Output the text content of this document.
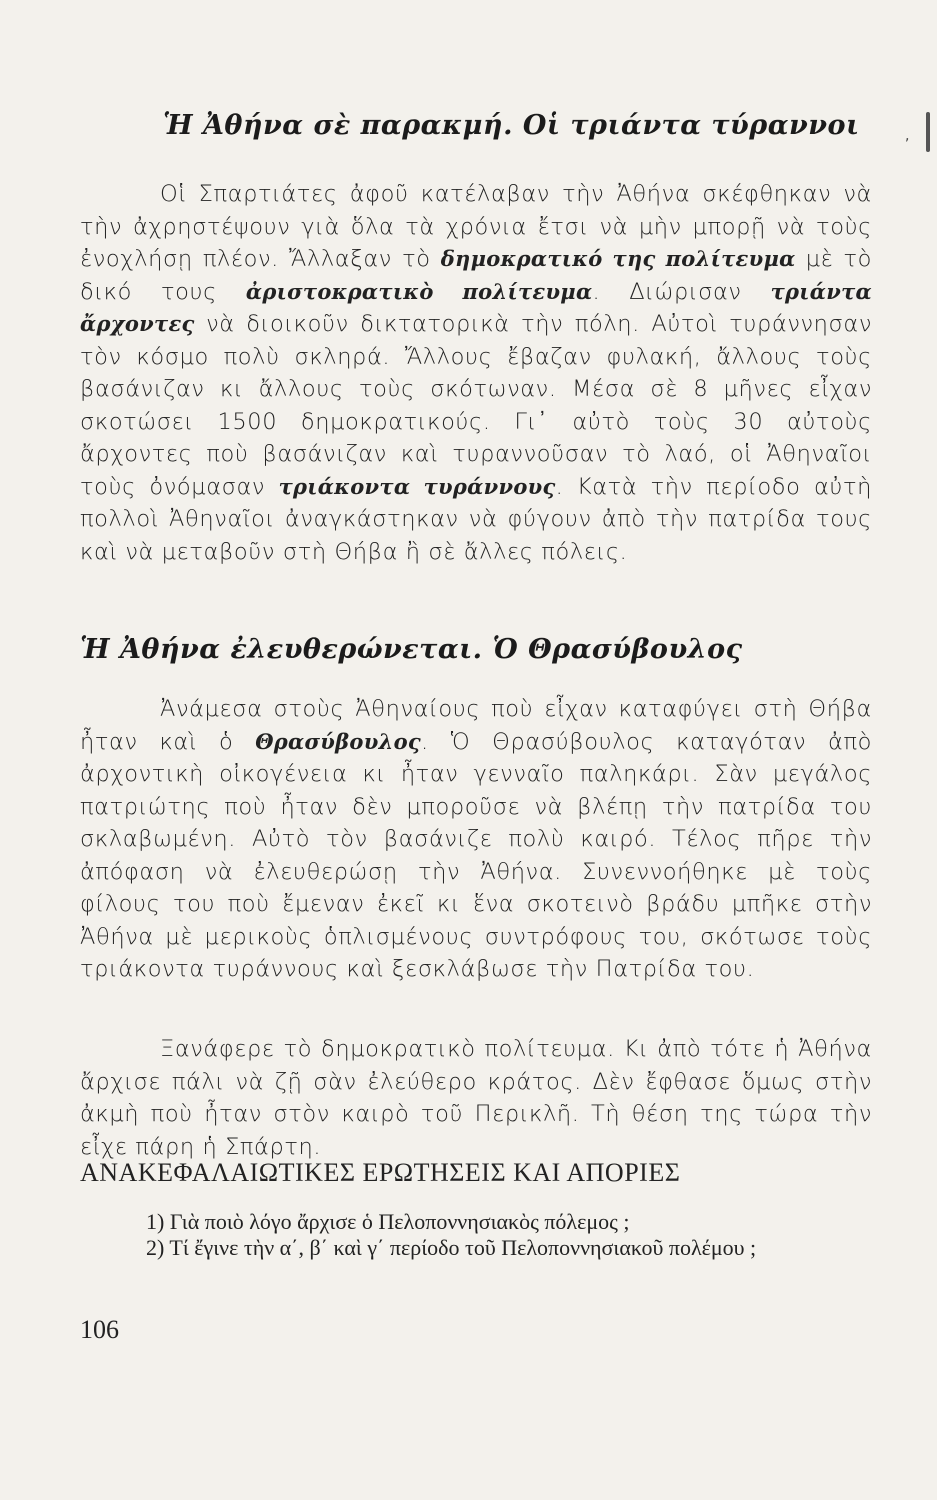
,
Ἡ Ἀθήνα σὲ παρακμή. Οἱ τριάντα τύραννοι
Οἱ Σπαρτιάτες ἀφοῦ κατέλαβαν τὴν Ἀθήνα σκέφθηκαν νὰ τὴν ἀχρηστέψουν γιὰ ὅλα τὰ χρόνια ἔτσι νὰ μὴν μπορῇ νὰ τοὺς ἐνοχλήσῃ πλέον. Ἄλλαξαν τὸ δημοκρατικό της πολίτευμα μὲ τὸ δικό τους ἀριστοκρατικὸ πολίτευμα. Διώρισαν τριάντα ἄρχοντες νὰ διοικοῦν δικτατορικὰ τὴν πόλη. Αὐτοὶ τυράννησαν τὸν κόσμο πολὺ σκληρά. Ἄλλους ἔβαζαν φυλακή, ἄλλους τοὺς βασάνιζαν κι ἄλλους τοὺς σκότωναν. Μέσα σὲ 8 μῆνες εἶχαν σκοτώσει 1500 δημοκρατικούς. Γι᾽ αὐτὸ τοὺς 30 αὐτοὺς ἄρχοντες ποὺ βασάνιζαν καὶ τυραννοῦσαν τὸ λαό, οἱ Ἀθηναῖοι τοὺς ὀνόμασαν τριάκοντα τυράννους. Κατὰ τὴν περίοδο αὐτὴ πολλοὶ Ἀθηναῖοι ἀναγκάστηκαν νὰ φύγουν ἀπὸ τὴν πατρίδα τους καὶ νὰ μεταβοῦν στὴ Θήβα ἢ σὲ ἄλλες πόλεις.
Ἡ Ἀθήνα ἐλευθερώνεται. Ὁ Θρασύβουλος
Ἀνάμεσα στοὺς Ἀθηναίους ποὺ εἶχαν καταφύγει στὴ Θήβα ἦταν καὶ ὁ Θρασύβουλος. Ὁ Θρασύβουλος καταγόταν ἀπὸ ἀρχοντικὴ οἰκογένεια κι ἦταν γενναῖο παληκάρι. Σὰν μεγάλος πατριώτης ποὺ ἦταν δὲν μποροῦσε νὰ βλέπῃ τὴν πατρίδα του σκλαβωμένη. Αὐτὸ τὸν βασάνιζε πολὺ καιρό. Τέλος πῆρε τὴν ἀπόφαση νὰ ἐλευθερώσῃ τὴν Ἀθήνα. Συνεννοήθηκε μὲ τοὺς φίλους του ποὺ ἔμεναν ἐκεῖ κι ἕνα σκοτεινὸ βράδυ μπῆκε στὴν Ἀθήνα μὲ μερικοὺς ὁπλισμένους συντρόφους του, σκότωσε τοὺς τριάκοντα τυράννους καὶ ξεσκλάβωσε τὴν Πατρίδα του.
Ξανάφερε τὸ δημοκρατικὸ πολίτευμα. Κι ἀπὸ τότε ἡ Ἀθήνα ἄρχισε πάλι νὰ ζῇ σὰν ἐλεύθερο κράτος. Δὲν ἔφθασε ὅμως στὴν ἀκμὴ ποὺ ἦταν στὸν καιρὸ τοῦ Περικλῆ. Τὴ θέση της τώρα τὴν εἶχε πάρη ἡ Σπάρτη.
ΑΝΑΚΕΦΑΛΑΙΩΤΙΚΕΣ ΕΡΩΤΗΣΕΙΣ ΚΑΙ ΑΠΟΡΙΕΣ
1) Γιὰ ποιὸ λόγο ἄρχισε ὁ Πελοποννησιακὸς πόλεμος ;
2) Τί ἔγινε τὴν α΄, β΄ καὶ γ΄ περίοδο τοῦ Πελοποννησιακοῦ πολέμου ;
106
